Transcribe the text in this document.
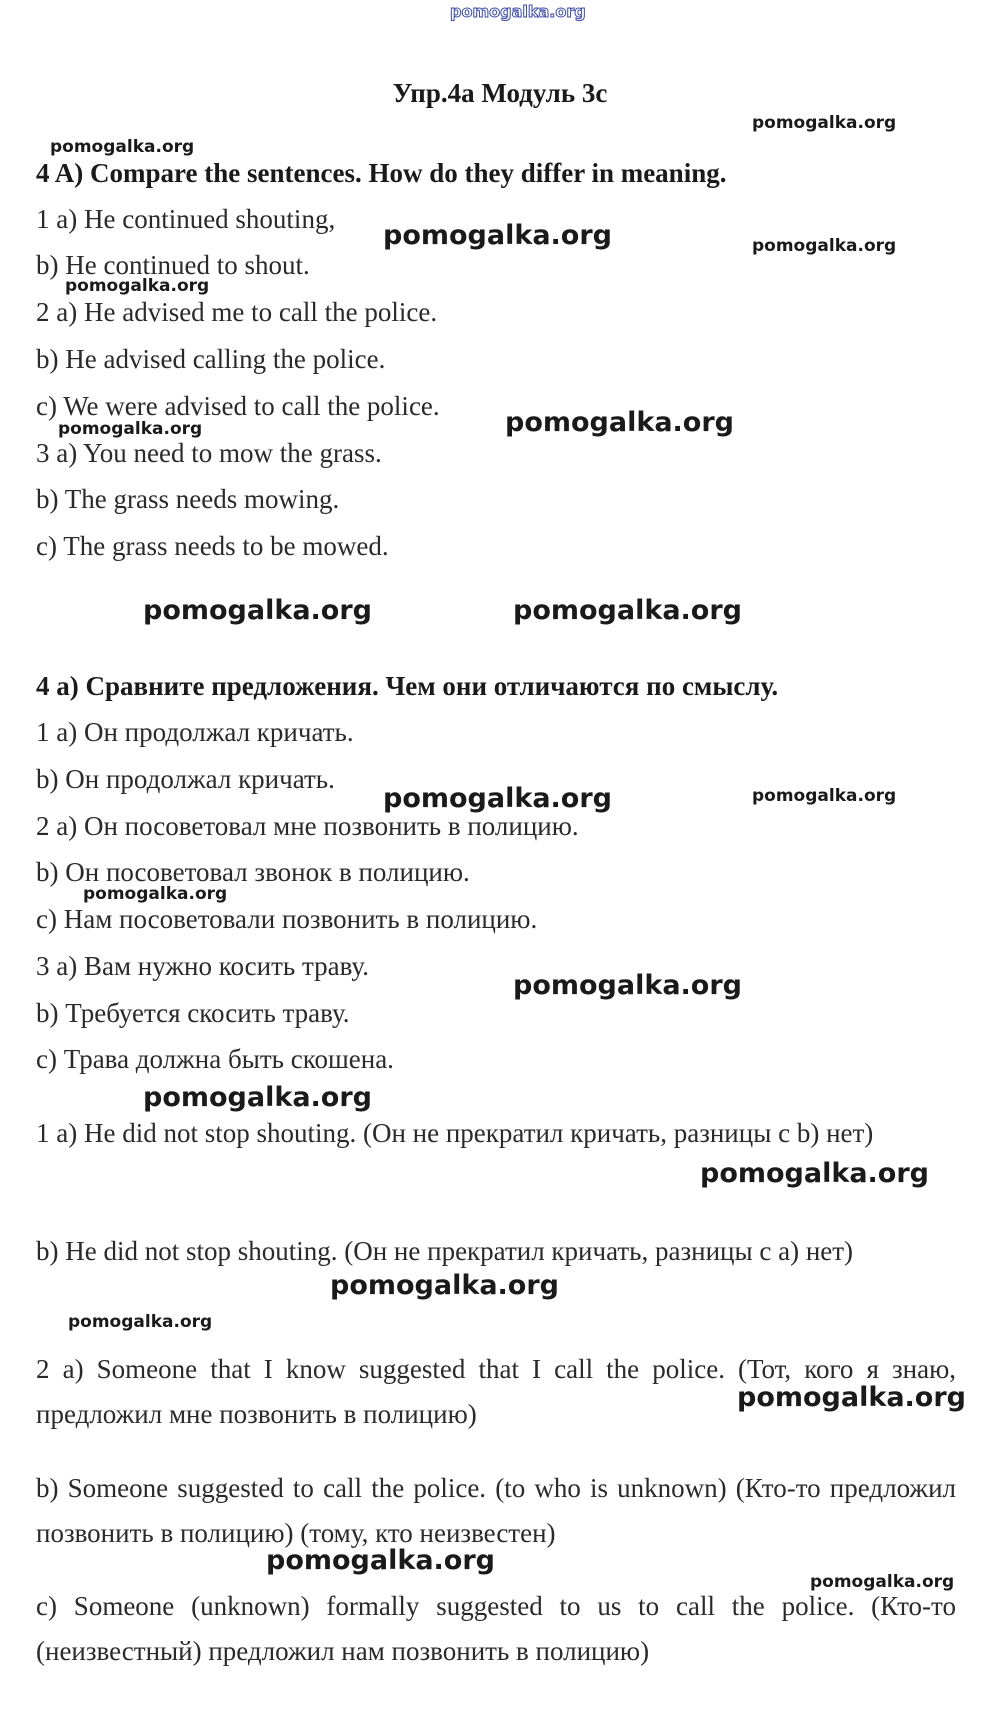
pomogalka.org
Упр.4a Модуль 3c
4 A) Compare the sentences. How do they differ in meaning.
1 a) He continued shouting,
b) He continued to shout.
2 a) He advised me to call the police.
b) He advised calling the police.
c) We were advised to call the police.
3 a) You need to mow the grass.
b) The grass needs mowing.
c) The grass needs to be mowed.
4 а) Сравните предложения. Чем они отличаются по смыслу.
1 a) Он продолжал кричать.
b) Он продолжал кричать.
2 a) Он посоветовал мне позвонить в полицию.
b) Он посоветовал звонок в полицию.
c) Нам посоветовали позвонить в полицию.
3 a) Вам нужно косить траву.
b) Требуется скосить траву.
c) Трава должна быть скошена.
1 a) He did not stop shouting. (Он не прекратил кричать, разницы с b) нет)
b) He did not stop shouting. (Он не прекратил кричать, разницы с a) нет)
2 a) Someone that I know suggested that I call the police. (Тот, кого я знаю, предложил мне позвонить в полицию)
b) Someone suggested to call the police. (to who is unknown) (Кто-то предложил позвонить в полицию) (тому, кто неизвестен)
c) Someone (unknown) formally suggested to us to call the police. (Кто-то (неизвестный) предложил нам позвонить в полицию)
pomogalka.org
pomogalka.org
pomogalka.org	pomogalka.org
pomogalka.org
pomogalka.org	pomogalka.org
pomogalka.org	pomogalka.org
pomogalka.org	pomogalka.org
pomogalka.org
pomogalka.org
pomogalka.org
pomogalka.org
pomogalka.org
pomogalka.org
pomogalka.org
pomogalka.org
pomogalka.org
